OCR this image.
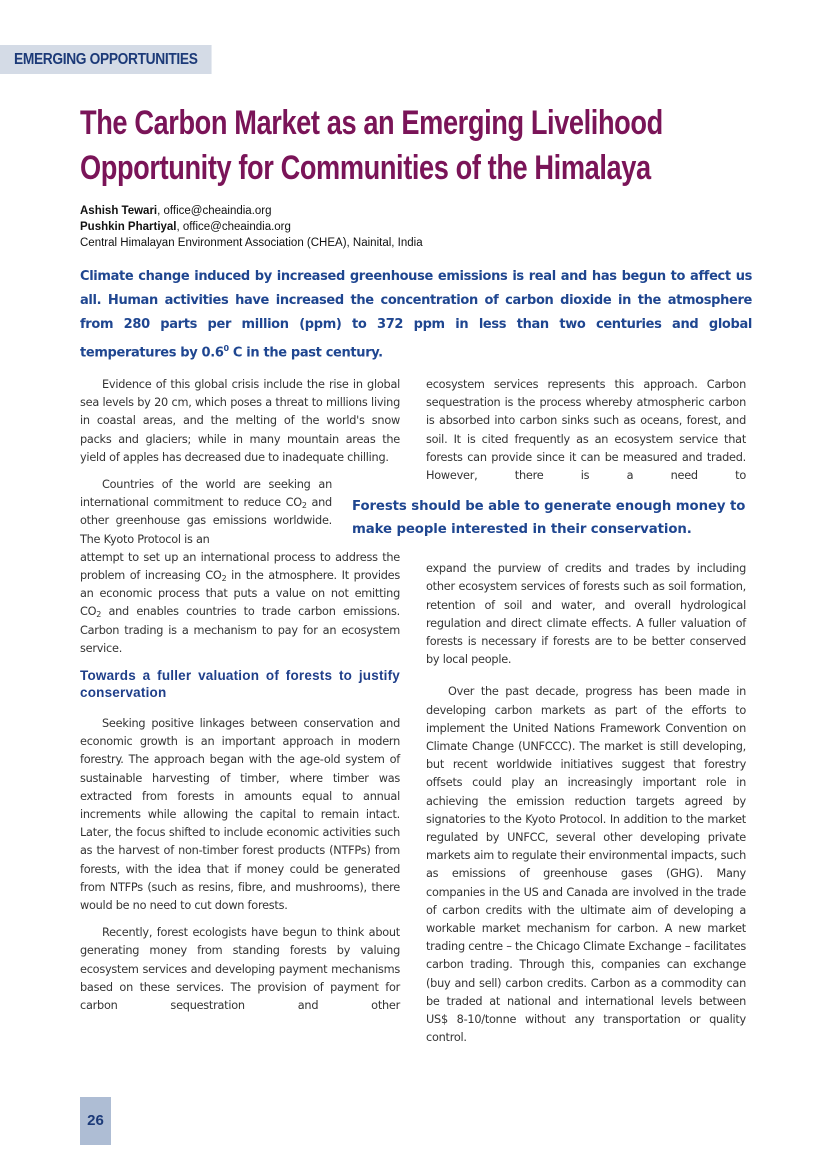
EMERGING OPPORTUNITIES
The Carbon Market as an Emerging Livelihood
Opportunity for Communities of the Himalaya
Ashish Tewari, office@cheaindia.org
Pushkin Phartiyal, office@cheaindia.org
Central Himalayan Environment Association (CHEA), Nainital, India
Climate change induced by increased greenhouse emissions is real and has begun to affect us all. Human activities have increased the concentration of carbon dioxide in the atmosphere from 280 parts per million (ppm) to 372 ppm in less than two centuries and global temperatures by $0.6^0$ C in the past century.

Evidence of this global crisis include the rise in global sea levels by 20 cm, which poses a threat to millions living in coastal areas, and the melting of the world's snow packs and glaciers; while in many mountain areas the yield of apples has decreased due to inadequate chilling.

Countries of the world are seeking an international commitment to reduce $CO_2$ and other greenhouse gas emissions worldwide. The Kyoto Protocol is an

attempt to set up an international process to address the problem of increasing $CO_2$ in the atmosphere. It provides an economic process that puts a value on not emitting $CO_2$ and enables countries to trade carbon emissions. Carbon trading is a mechanism to pay for an ecosystem service.

Towards a fuller valuation of forests to justify conservation

Seeking positive linkages between conservation and economic growth is an important approach in modern forestry. The approach began with the age-old system of sustainable harvesting of timber, where timber was extracted from forests in amounts equal to annual increments while allowing the capital to remain intact. Later, the focus shifted to include economic activities such as the harvest of non-timber forest products (NTFPs) from forests, with the idea that if money could be generated from NTFPs (such as resins, fibre, and mushrooms), there would be no need to cut down forests.

Recently, forest ecologists have begun to think about generating money from standing forests by valuing ecosystem services and developing payment mechanisms based on these services. The provision of payment for carbon sequestration and other

Forests should be able to generate enough money to make people interested in their conservation.

ecosystem services represents this approach. Carbon sequestration is the process whereby atmospheric carbon is absorbed into carbon sinks such as oceans, forest, and soil. It is cited frequently as an ecosystem service that forests can provide since it can be measured and traded. However, there is a need to

expand the purview of credits and trades by including other ecosystem services of forests such as soil formation, retention of soil and water, and overall hydrological regulation and direct climate effects. A fuller valuation of forests is necessary if forests are to be better conserved by local people.

Over the past decade, progress has been made in developing carbon markets as part of the efforts to implement the United Nations Framework Convention on Climate Change (UNFCCC). The market is still developing, but recent worldwide initiatives suggest that forestry offsets could play an increasingly important role in achieving the emission reduction targets agreed by signatories to the Kyoto Protocol. In addition to the market regulated by UNFCC, several other developing private markets aim to regulate their environmental impacts, such as emissions of greenhouse gases (GHG). Many companies in the US and Canada are involved in the trade of carbon credits with the ultimate aim of developing a workable market mechanism for carbon. A new market trading centre – the Chicago Climate Exchange – facilitates carbon trading. Through this, companies can exchange (buy and sell) carbon credits. Carbon as a commodity can be traded at national and international levels between US$ 8-10/tonne without any transportation or quality control.

26
